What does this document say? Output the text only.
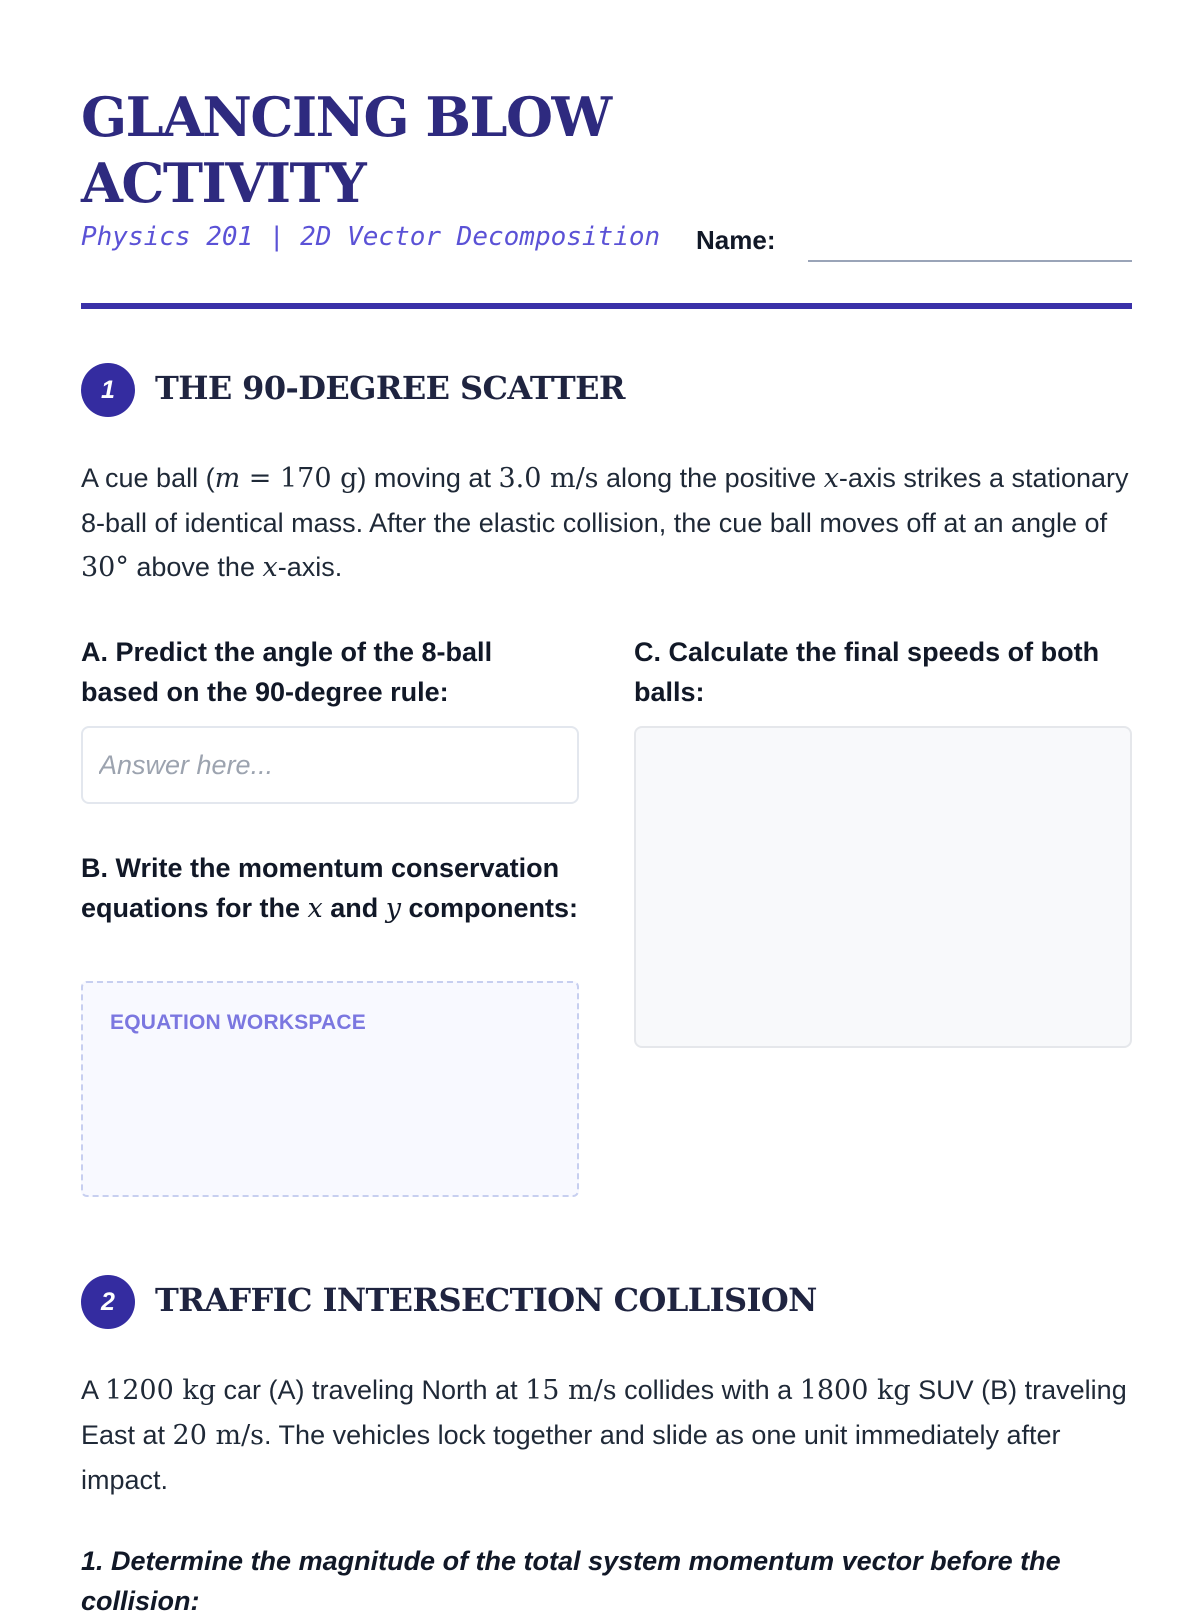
GLANCING BLOW ACTIVITY
Physics 201 | 2D Vector Decomposition Name:
1	THE 90-DEGREE SCATTER

A cue ball (m = 170 g) moving at 3.0 m/s along the positive x-axis strikes a stationary 8-ball of identical mass. After the elastic collision, the cue ball moves off at an angle of 30° above the x-axis.

A. Predict the angle of the 8-ball based on the 90-degree rule:
Answer here...
B. Write the momentum conservation equations for the x and y components:
EQUATION WORKSPACE
C. Calculate the final speeds of both balls:
2	TRAFFIC INTERSECTION COLLISION

A 1200 kg car (A) traveling North at 15 m/s collides with a 1800 kg SUV (B) traveling East at 20 m/s. The vehicles lock together and slide as one unit immediately after impact.

1. Determine the magnitude of the total system momentum vector before the collision:
